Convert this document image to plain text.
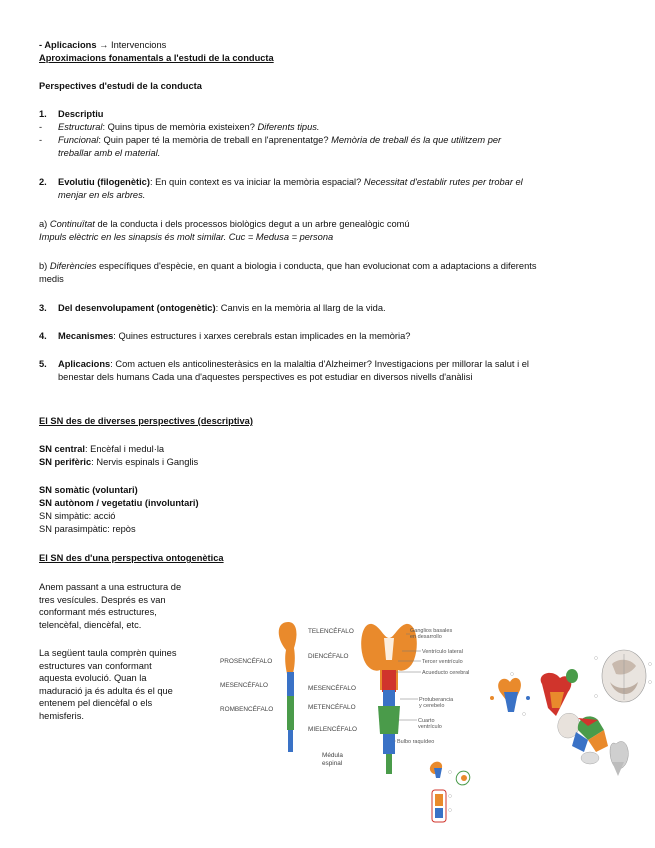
- Aplicacions → Intervencions
Aproximacions fonamentals a l'estudi de la conducta
Perspectives d'estudi de la conducta
1. Descriptiu
- Estructural: Quins tipus de memòria existeixen? Diferents tipus.
- Funcional: Quin paper té la memòria de treball en l'aprenentatge? Memòria de treball és la que utilitzem per
treballar amb el material.
2. Evolutiu (filogenètic): En quin context es va iniciar la memòria espacial? Necessitat d'establir rutes per trobar el
menjar en els arbres.
a) Continuïtat de la conducta i dels processos biològics degut a un arbre genealògic comú
Impuls elèctric en les sinapsis és molt similar. Cuc = Medusa = persona
b) Diferències específiques d'espècie, en quant a biologia i conducta, que han evolucionat com a adaptacions a diferents
medis
3. Del desenvolupament (ontogenètic): Canvis en la memòria al llarg de la vida.
4. Mecanismes: Quines estructures i xarxes cerebrals estan implicades en la memòria?
5. Aplicacions: Com actuen els anticolinesteràsics en la malaltia d'Alzheimer? Investigacions per millorar la salut i el
benestar dels humans Cada una d'aquestes perspectives es pot estudiar en diversos nivells d'anàlisi
El SN des de diverses perspectives (descriptiva)
SN central: Encèfal i medul·la
SN perifèric: Nervis espinals i Ganglis
SN somàtic (voluntari)
SN autònom / vegetatiu (involuntari)
SN simpàtic: acció
SN parasimpàtic: repòs
El SN des d'una perspectiva ontogenètica
Anem passant a una estructura de
tres vesícules. Després es van
conformant més estructures,
telencèfal, diencèfal, etc.
La següent taula comprèn quines
estructures van conformant
aquesta evolució. Quan la
maduració ja és adulta és el que
entenem pel diencèfal o els
hemisferis.
PROSENCÉFALO
MESENCÉFALO
ROMBENCÉFALO
TELENCÉFALO
DIENCÉFALO
MESENCÉFALO
METENCÉFALO
MIELENCÉFALO
Médula
espinal
Ganglios basales
en desarrollo
Ventrículo lateral
Tercer ventrículo
Acueducto cerebral
Protuberancia
y cerebelo
Cuarto
ventrículo
Bulbo raquídeo
